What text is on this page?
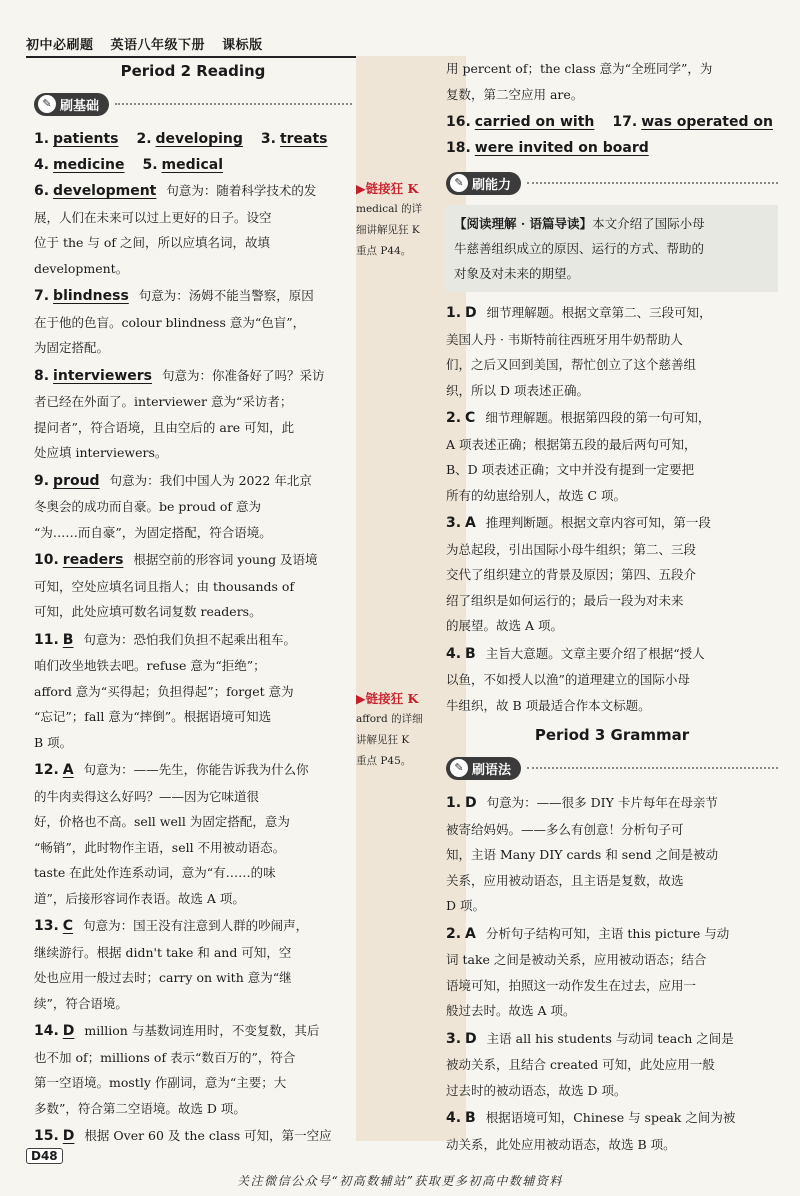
初中必刷题 英语八年级下册 课标版
▶链接狂 K
medical 的详
细讲解见狂 K
重点 P44。
▶链接狂 K
afford 的详细
讲解见狂 K
重点 P45。
Period 2 Reading
✎ 刷基础
1. patients 2. developing 3. treats
4. medicine 5. medical
6. development 句意为：随着科学技术的发
展，人们在未来可以过上更好的日子。设空
位于 the 与 of 之间，所以应填名词，故填
development。
7. blindness 句意为：汤姆不能当警察，原因
在于他的色盲。colour blindness 意为“色盲”，
为固定搭配。
8. interviewers 句意为：你准备好了吗？采访
者已经在外面了。interviewer 意为“采访者；
提问者”，符合语境，且由空后的 are 可知，此
处应填 interviewers。
9. proud 句意为：我们中国人为 2022 年北京
冬奥会的成功而自豪。be proud of 意为
“为……而自豪”，为固定搭配，符合语境。
10. readers 根据空前的形容词 young 及语境
可知，空处应填名词且指人；由 thousands of
可知，此处应填可数名词复数 readers。
11. B 句意为：恐怕我们负担不起乘出租车。
咱们改坐地铁去吧。refuse 意为“拒绝”；
afford 意为“买得起；负担得起”；forget 意为
“忘记”；fall 意为“摔倒”。根据语境可知选
B 项。
12. A 句意为：——先生，你能告诉我为什么你
的牛肉卖得这么好吗？——因为它味道很
好，价格也不高。sell well 为固定搭配，意为
“畅销”，此时物作主语，sell 不用被动语态。
taste 在此处作连系动词，意为“有……的味
道”，后接形容词作表语。故选 A 项。
13. C 句意为：国王没有注意到人群的吵闹声，
继续游行。根据 didn't take 和 and 可知，空
处也应用一般过去时；carry on with 意为“继
续”，符合语境。
14. D million 与基数词连用时，不变复数，其后
也不加 of；millions of 表示“数百万的”，符合
第一空语境。mostly 作副词，意为“主要；大
多数”，符合第二空语境。故选 D 项。
15. D 根据 Over 60 及 the class 可知，第一空应
用 percent of；the class 意为“全班同学”，为
复数，第二空应用 are。
16. carried on with 17. was operated on
18. were invited on board
✎ 刷能力
【阅读理解 · 语篇导读】本文介绍了国际小母
牛慈善组织成立的原因、运行的方式、帮助的
对象及对未来的期望。
1. D 细节理解题。根据文章第二、三段可知，
美国人丹 · 韦斯特前往西班牙用牛奶帮助人
们，之后又回到美国，帮忙创立了这个慈善组
织，所以 D 项表述正确。
2. C 细节理解题。根据第四段的第一句可知，
A 项表述正确；根据第五段的最后两句可知，
B、D 项表述正确；文中并没有提到一定要把
所有的幼崽给别人，故选 C 项。
3. A 推理判断题。根据文章内容可知，第一段
为总起段，引出国际小母牛组织；第二、三段
交代了组织建立的背景及原因；第四、五段介
绍了组织是如何运行的；最后一段为对未来
的展望。故选 A 项。
4. B 主旨大意题。文章主要介绍了根据“授人
以鱼，不如授人以渔”的道理建立的国际小母
牛组织，故 B 项最适合作本文标题。
Period 3 Grammar
✎ 刷语法
1. D 句意为：——很多 DIY 卡片每年在母亲节
被寄给妈妈。——多么有创意！分析句子可
知，主语 Many DIY cards 和 send 之间是被动
关系，应用被动语态，且主语是复数，故选
D 项。
2. A 分析句子结构可知，主语 this picture 与动
词 take 之间是被动关系，应用被动语态；结合
语境可知，拍照这一动作发生在过去，应用一
般过去时。故选 A 项。
3. D 主语 all his students 与动词 teach 之间是
被动关系，且结合 created 可知，此处应用一般
过去时的被动语态，故选 D 项。
4. B 根据语境可知，Chinese 与 speak 之间为被
动关系，此处应用被动语态，故选 B 项。
D48
关注微信公众号“初高数辅站”获取更多初高中数辅资料
